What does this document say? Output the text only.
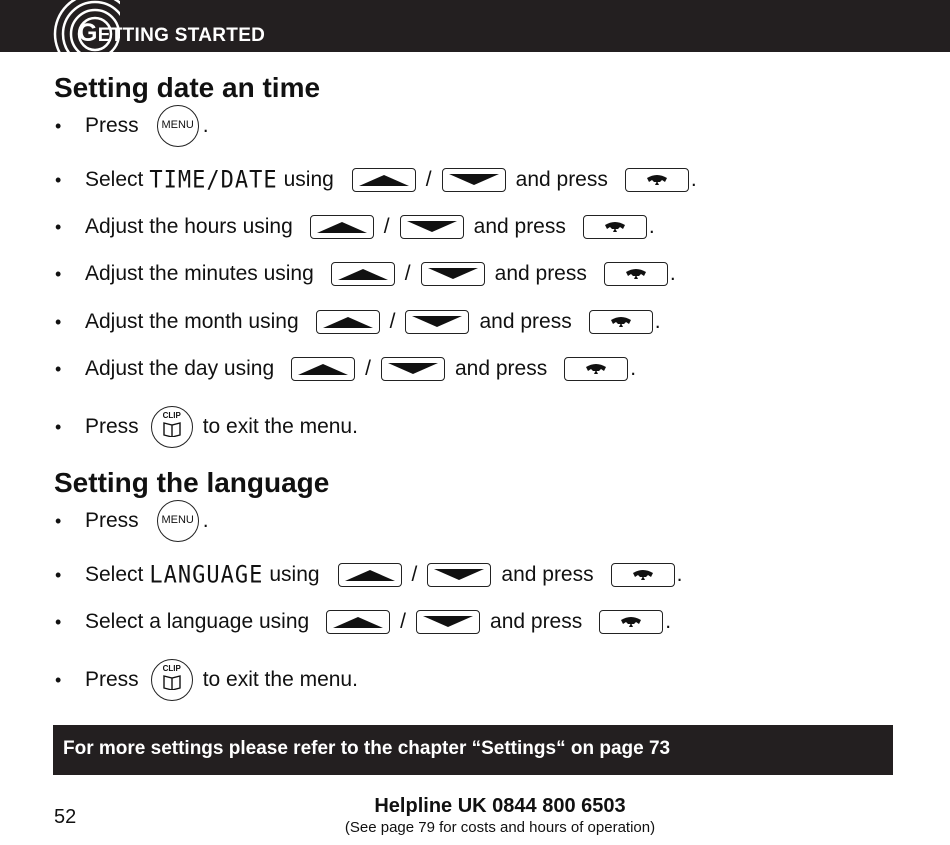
GETTING STARTED
Setting date an time
•	Press	MENU .
•	Select TIME/DATE using	/	and press	.
•	Adjust the hours using	/	and press	.
•	Adjust the minutes using	/	and press	.
•	Adjust the month using	/	and press	.
•	Adjust the day using	/	and press	.
•	Press	CLIP	to exit the menu.
Setting the language
•	Press	MENU .
•	Select LANGUAGE using	/	and press	.
•	Select a language using	/	and press	.
•	Press	CLIP	to exit the menu.
For more settings please refer to the chapter “Settings“ on page 73
52	Helpline UK 0844 800 6503
(See page 79 for costs and hours of operation)
